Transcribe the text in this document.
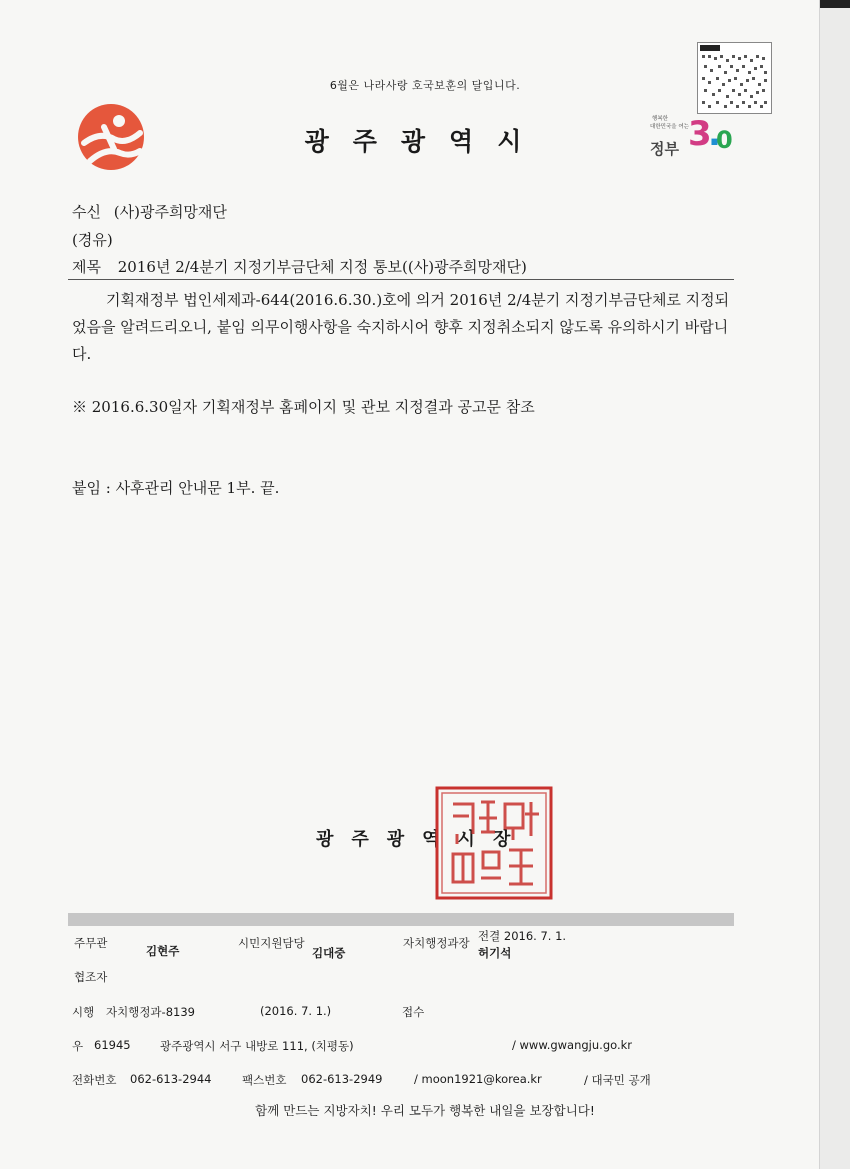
6월은 나라사랑 호국보훈의 달입니다.
광주광역시
행복한
대한민국을 여는
정부 3
.
0
수신 (사)광주희망재단
(경유)
제목 2016년 2/4분기 지정기부금단체 지정 통보((사)광주희망재단)
기획재정부 법인세제과-644(2016.6.30.)호에 의거 2016년 2/4분기 지정기부금단체로 지정되었음을 알려드리오니, 붙임 의무이행사항을 숙지하시어 향후 지정취소되지 않도록 유의하시기 바랍니다.
※ 2016.6.30일자 기획재정부 홈페이지 및 관보 지정결과 공고문 참조
붙임 : 사후관리 안내문 1부. 끝.
광주광역시장
주무관
김현주
시민지원담당
김대중
자치행정과장 전결 2016. 7. 1.
허기석
협조자
시행 자치행정과-8139	(2016. 7. 1.)	접수
우 61945	광주광역시 서구 내방로 111, (치평동)	/ www.gwangju.go.kr
전화번호 062-613-2944	팩스번호 062-613-2949	/ moon1921@korea.kr	/ 대국민 공개
함께 만드는 지방자치! 우리 모두가 행복한 내일을 보장합니다!
